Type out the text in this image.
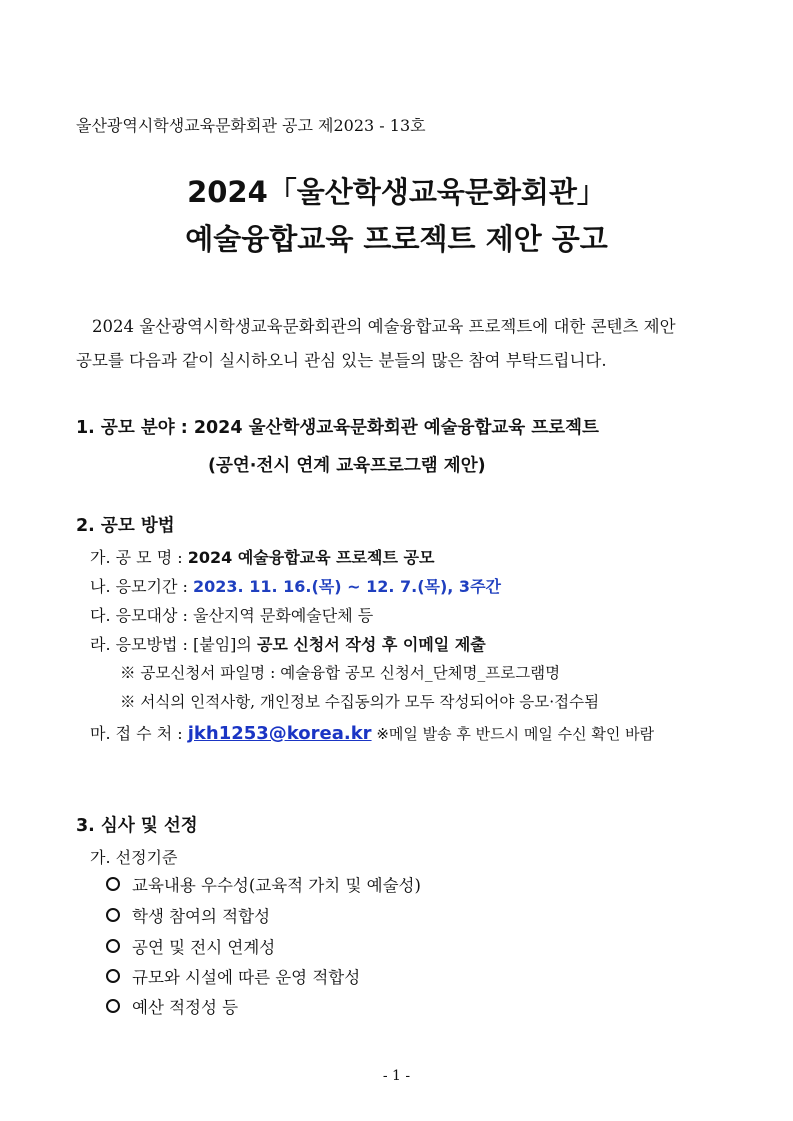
울산광역시학생교육문화회관 공고 제2023 - 13호
2024「울산학생교육문화회관」
예술융합교육 프로젝트 제안 공고
2024 울산광역시학생교육문화회관의 예술융합교육 프로젝트에 대한 콘텐츠 제안
공모를 다음과 같이 실시하오니 관심 있는 분들의 많은 참여 부탁드립니다.
1. 공모 분야 : 2024 울산학생교육문화회관 예술융합교육 프로젝트
(공연·전시 연계 교육프로그램 제안)
2. 공모 방법
가. 공 모 명 : 2024 예술융합교육 프로젝트 공모
나. 응모기간 : 2023. 11. 16.(목) ~ 12. 7.(목), 3주간
다. 응모대상 : 울산지역 문화예술단체 등
라. 응모방법 : [붙임]의 공모 신청서 작성 후 이메일 제출
※ 공모신청서 파일명 : 예술융합 공모 신청서_단체명_프로그램명
※ 서식의 인적사항, 개인정보 수집동의가 모두 작성되어야 응모·접수됨
마. 접 수 처 : jkh1253@korea.kr ※메일 발송 후 반드시 메일 수신 확인 바람
3. 심사 및 선정
가. 선정기준
교육내용 우수성(교육적 가치 및 예술성)
학생 참여의 적합성
공연 및 전시 연계성
규모와 시설에 따른 운영 적합성
예산 적정성 등
- 1 -
